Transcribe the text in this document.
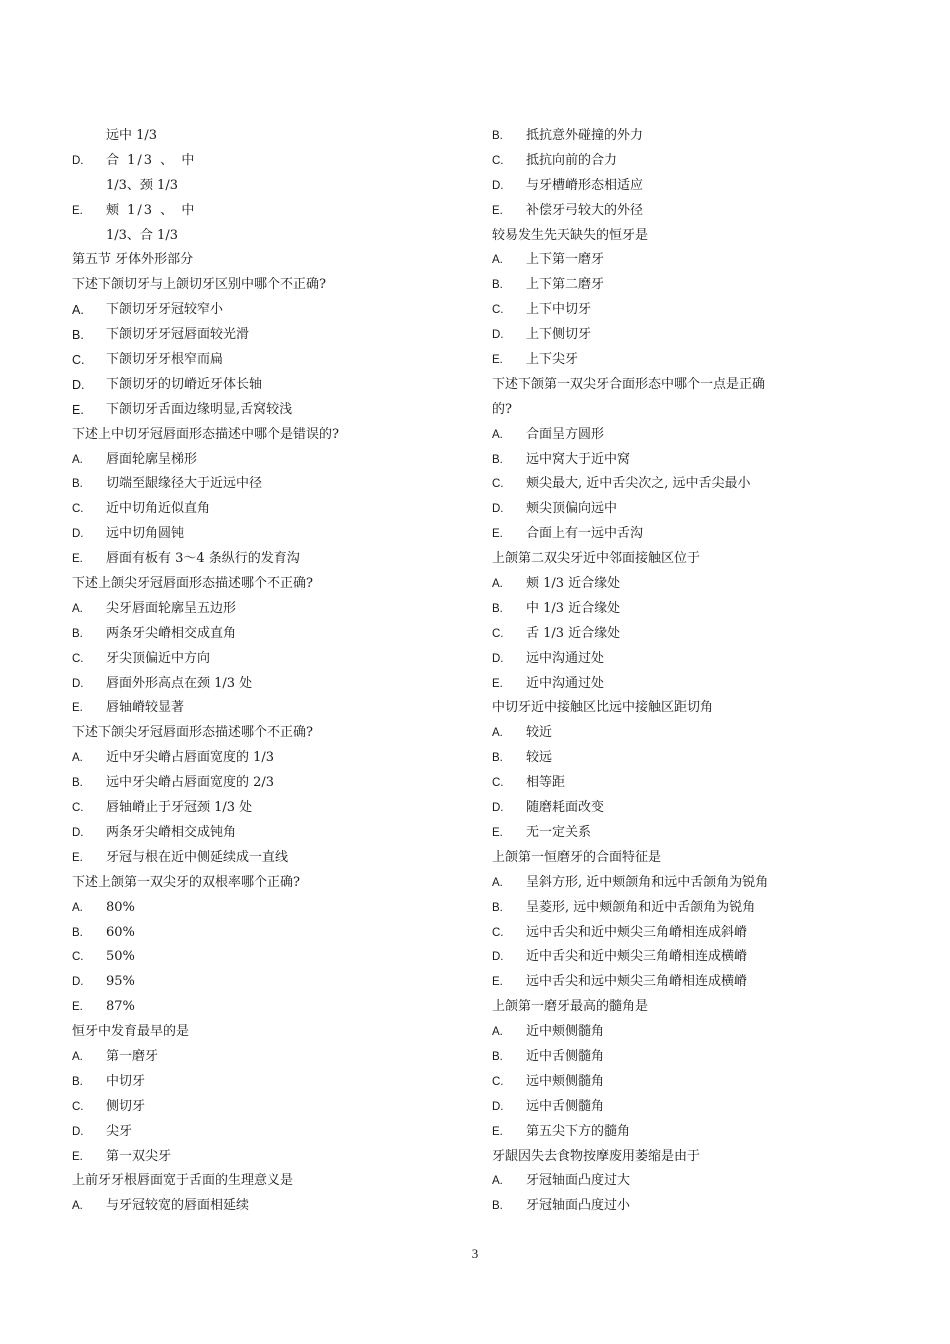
远中 1/3
D.	合 1/3 、 中
1/3、颈 1/3
E.	颊 1/3 、 中
1/3、合 1/3
第五节 牙体外形部分
下述下颌切牙与上颌切牙区别中哪个不正确?
A.	下颌切牙牙冠较窄小
B.	下颌切牙牙冠唇面较光滑
C.	下颌切牙牙根窄而扁
D.	下颌切牙的切嵴近牙体长轴
E.	下颌切牙舌面边缘明显,舌窝较浅
下述上中切牙冠唇面形态描述中哪个是错误的?
A.	唇面轮廓呈梯形
B.	切端至龈缘径大于近远中径
C.	近中切角近似直角
D.	远中切角圆钝
E.	唇面有板有 3～4 条纵行的发育沟
下述上颌尖牙冠唇面形态描述哪个不正确?
A.	尖牙唇面轮廓呈五边形
B.	两条牙尖嵴相交成直角
C.	牙尖顶偏近中方向
D.	唇面外形高点在颈 1/3 处
E.	唇轴嵴较显著
下述下颌尖牙冠唇面形态描述哪个不正确?
A.	近中牙尖嵴占唇面宽度的 1/3
B.	远中牙尖嵴占唇面宽度的 2/3
C.	唇轴嵴止于牙冠颈 1/3 处
D.	两条牙尖嵴相交成钝角
E.	牙冠与根在近中侧延续成一直线
下述上颌第一双尖牙的双根率哪个正确?
A.	80%
B.	60%
C.	50%
D.	95%
E.	87%
恒牙中发育最早的是
A.	第一磨牙
B.	中切牙
C.	侧切牙
D.	尖牙
E.	第一双尖牙
上前牙牙根唇面宽于舌面的生理意义是
A.	与牙冠较宽的唇面相延续
B.	抵抗意外碰撞的外力
C.	抵抗向前的合力
D.	与牙槽嵴形态相适应
E.	补偿牙弓较大的外径
较易发生先天缺失的恒牙是
A.	上下第一磨牙
B.	上下第二磨牙
C.	上下中切牙
D.	上下侧切牙
E.	上下尖牙
下述下颌第一双尖牙合面形态中哪个一点是正确
的?
A.	合面呈方圆形
B.	远中窝大于近中窝
C.	颊尖最大, 近中舌尖次之, 远中舌尖最小
D.	颊尖顶偏向远中
E.	合面上有一远中舌沟
上颌第二双尖牙近中邻面接触区位于
A.	颊 1/3 近合缘处
B.	中 1/3 近合缘处
C.	舌 1/3 近合缘处
D.	远中沟通过处
E.	近中沟通过处
中切牙近中接触区比远中接触区距切角
A.	较近
B.	较远
C.	相等距
D.	随磨耗面改变
E.	无一定关系
上颌第一恒磨牙的合面特征是
A.	呈斜方形, 近中颊颌角和远中舌颌角为锐角
B.	呈菱形, 远中颊颌角和近中舌颌角为锐角
C.	远中舌尖和近中颊尖三角嵴相连成斜嵴
D.	近中舌尖和近中颊尖三角嵴相连成横嵴
E.	远中舌尖和远中颊尖三角嵴相连成横嵴
上颌第一磨牙最高的髓角是
A.	近中颊侧髓角
B.	近中舌侧髓角
C.	远中颊侧髓角
D.	远中舌侧髓角
E.	第五尖下方的髓角
牙龈因失去食物按摩废用萎缩是由于
A.	牙冠轴面凸度过大
B.	牙冠轴面凸度过小
3
